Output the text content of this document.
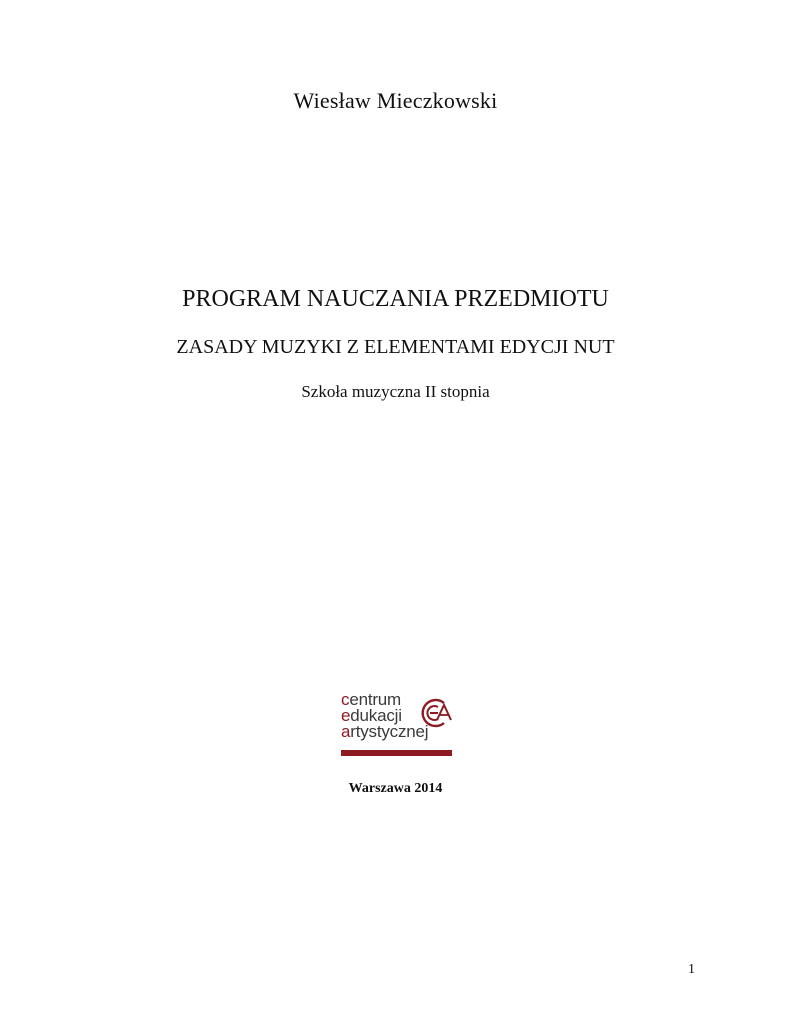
Wiesław Mieczkowski
PROGRAM NAUCZANIA PRZEDMIOTU
ZASADY MUZYKI Z ELEMENTAMI EDYCJI NUT
Szkoła muzyczna II stopnia
centrum
edukacji
artystycznej
Warszawa 2014
1
